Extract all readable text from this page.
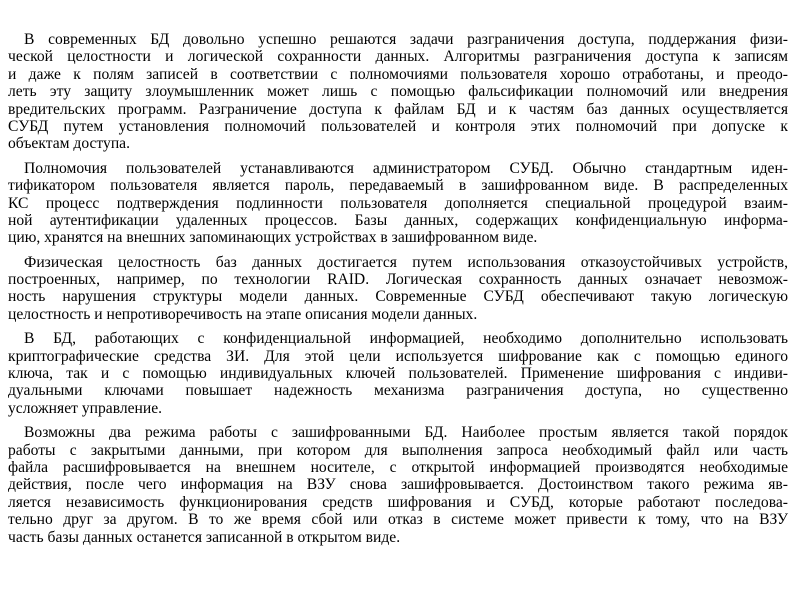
В современных БД довольно успешно решаются задачи разграничения доступа, поддержания физи-
ческой целостности и логической сохранности данных. Алгоритмы разграничения доступа к записям
и даже к полям записей в соответствии с полномочиями пользователя хорошо отработаны, и преодо-
леть эту защиту злоумышленник может лишь с помощью фальсификации полномочий или внедрения
вредительских программ. Разграничение доступа к файлам БД и к частям баз данных осуществляется
СУБД путем установления полномочий пользователей и контроля этих полномочий при допуске к
объектам доступа.
Полномочия пользователей устанавливаются администратором СУБД. Обычно стандартным иден-
тификатором пользователя является пароль, передаваемый в зашифрованном виде. В распределенных
КС процесс подтверждения подлинности пользователя дополняется специальной процедурой взаим-
ной аутентификации удаленных процессов. Базы данных, содержащих конфиденциальную информа-
цию, хранятся на внешних запоминающих устройствах в зашифрованном виде.
Физическая целостность баз данных достигается путем использования отказоустойчивых устройств,
построенных, например, по технологии RAID. Логическая сохранность данных означает невозмож-
ность нарушения структуры модели данных. Современные СУБД обеспечивают такую логическую
целостность и непротиворечивость на этапе описания модели данных.
В БД, работающих с конфиденциальной информацией, необходимо дополнительно использовать
криптографические средства ЗИ. Для этой цели используется шифрование как с помощью единого
ключа, так и с помощью индивидуальных ключей пользователей. Применение шифрования с индиви-
дуальными ключами повышает надежность механизма разграничения доступа, но существенно
усложняет управление.
Возможны два режима работы с зашифрованными БД. Наиболее простым является такой порядок
работы с закрытыми данными, при котором для выполнения запроса необходимый файл или часть
файла расшифровывается на внешнем носителе, с открытой информацией производятся необходимые
действия, после чего информация на ВЗУ снова зашифровывается. Достоинством такого режима яв-
ляется независимость функционирования средств шифрования и СУБД, которые работают последова-
тельно друг за другом. В то же время сбой или отказ в системе может привести к тому, что на ВЗУ
часть базы данных останется записанной в открытом виде.
